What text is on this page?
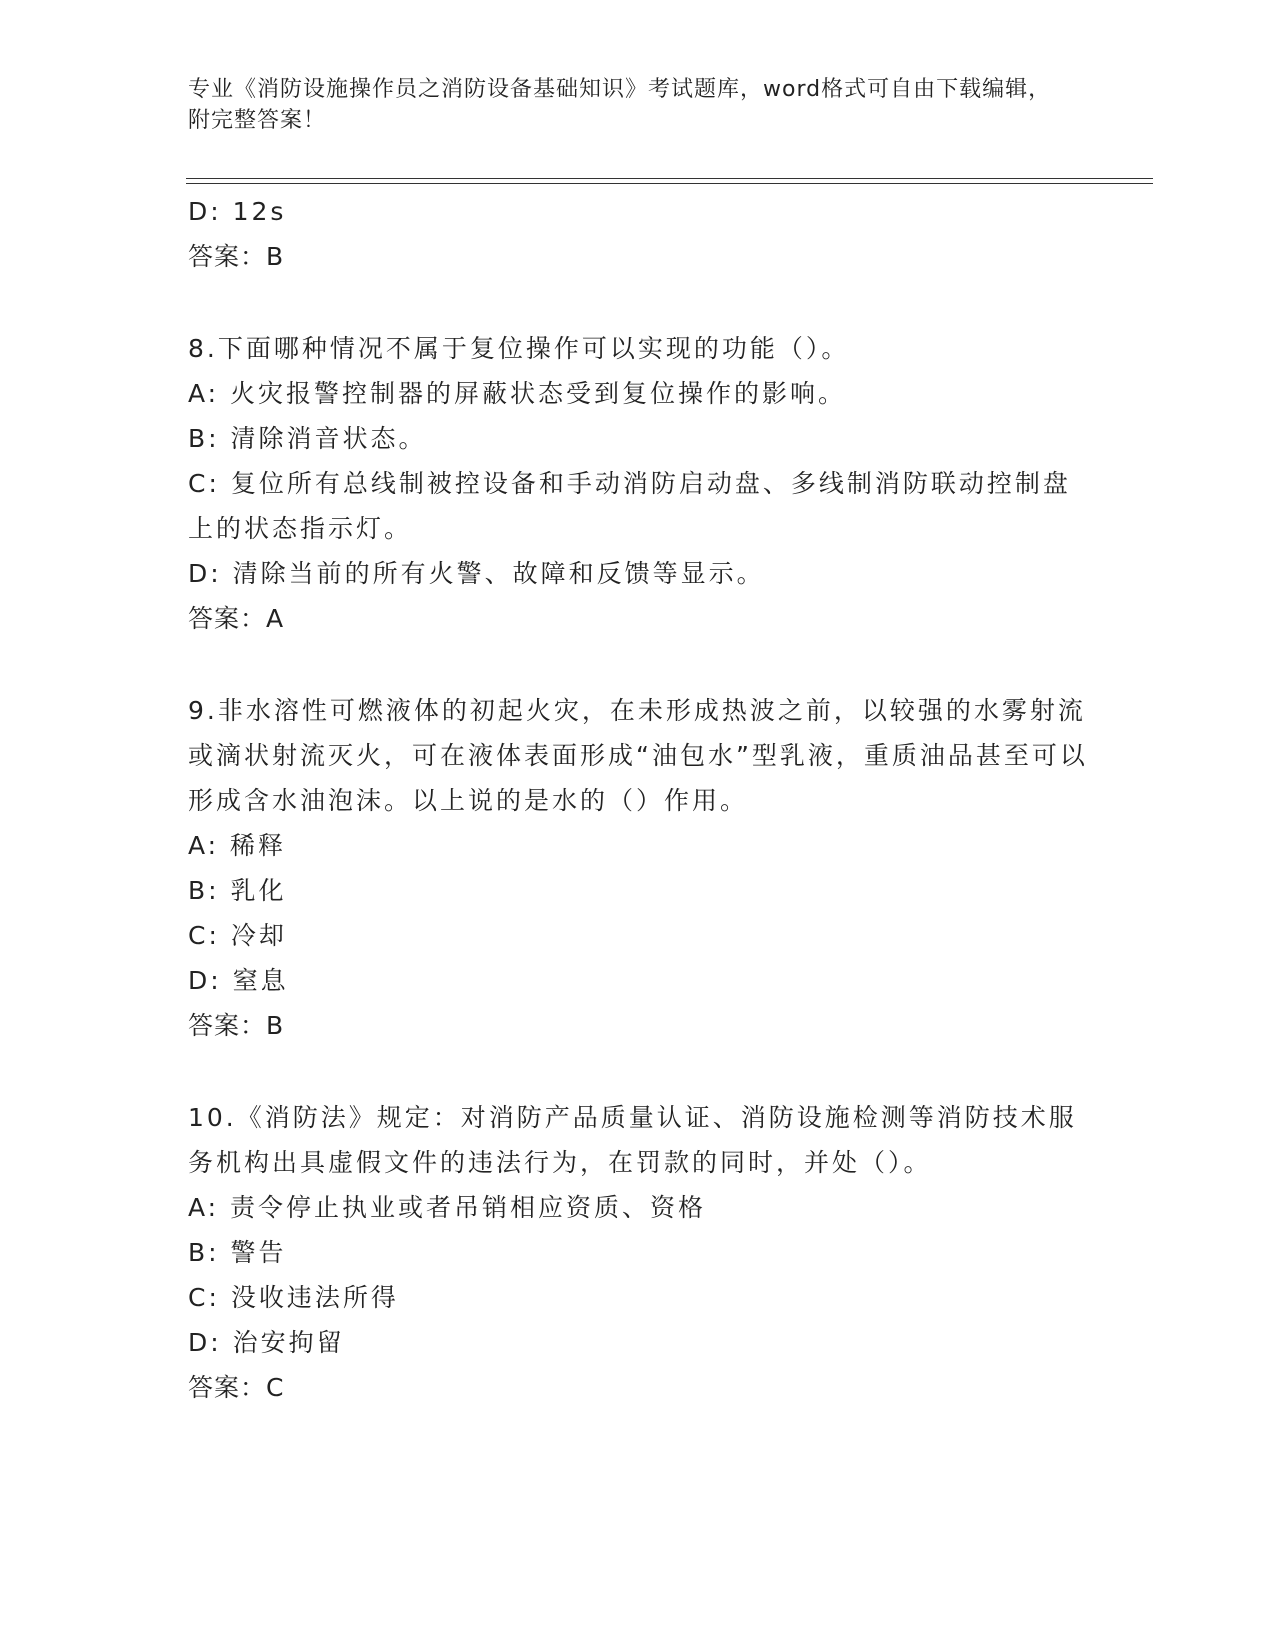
专业《消防设施操作员之消防设备基础知识》考试题库，word格式可自由下载编辑，附完整答案！
D: 12s
答案：B
8.下面哪种情况不属于复位操作可以实现的功能（）。
A: 火灾报警控制器的屏蔽状态受到复位操作的影响。
B: 清除消音状态。
C: 复位所有总线制被控设备和手动消防启动盘、多线制消防联动控制盘上的状态指示灯。
D: 清除当前的所有火警、故障和反馈等显示。
答案：A
9.非水溶性可燃液体的初起火灾，在未形成热波之前，以较强的水雾射流或滴状射流灭火，可在液体表面形成“油包水”型乳液，重质油品甚至可以形成含水油泡沫。以上说的是水的（）作用。
A: 稀释
B: 乳化
C: 冷却
D: 窒息
答案：B
10.《消防法》规定：对消防产品质量认证、消防设施检测等消防技术服务机构出具虚假文件的违法行为，在罚款的同时，并处（）。
A: 责令停止执业或者吊销相应资质、资格
B: 警告
C: 没收违法所得
D: 治安拘留
答案：C
